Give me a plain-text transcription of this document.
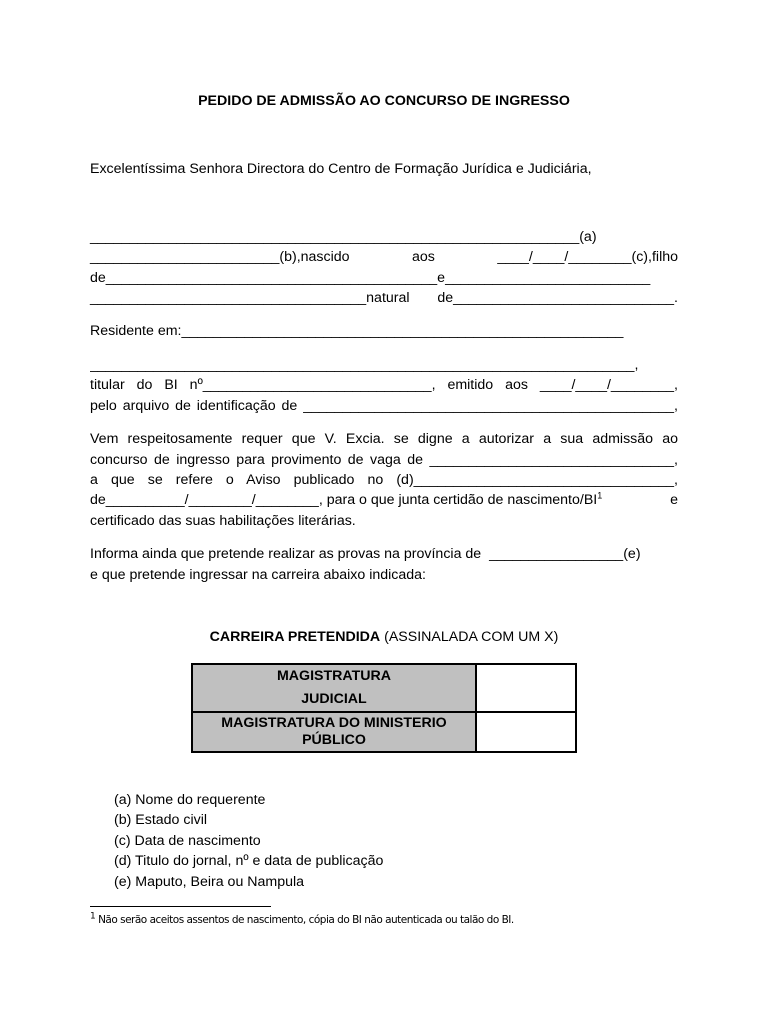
PEDIDO DE ADMISSÃO AO CONCURSO DE INGRESSO
Excelentíssima Senhora Directora do Centro de Formação Jurídica e Judiciária,
______________________________________________________________(a)
________________________(b),nascido aos ____/____/________(c),filho
de__________________________________________e__________________________
___________________________________natural de____________________________.
Residente em:________________________________________________________
_____________________________________________________________________,
titular do BI nº_____________________________, emitido aos ____/____/________,
pelo arquivo de identificação de _______________________________________________,
Vem respeitosamente requer que V. Excia. se digne a autorizar a sua admissão ao
concurso de ingresso para provimento de vaga de _______________________________,
a que se refere o Aviso publicado no (d)_________________________________,
de__________/________/________, para o que junta certidão de nascimento/$BI^1$	e
certificado das suas habilitações literárias.
Informa ainda que pretende realizar as provas na província de  _________________(e)
e que pretende ingressar na carreira abaixo indicada:
CARREIRA PRETENDIDA (ASSINALADA COM UM X)
MAGISTRATURA
JUDICIAL	

MAGISTRATURA DO MINISTERIO
PÚBLICO	

(a) Nome do requerente
(b) Estado civil
(c) Data de nascimento
(d) Titulo do jornal, nº e data de publicação
(e) Maputo, Beira ou Nampula
$^1$ Não serão aceitos assentos de nascimento, cópia do BI não autenticada ou talão do BI.
